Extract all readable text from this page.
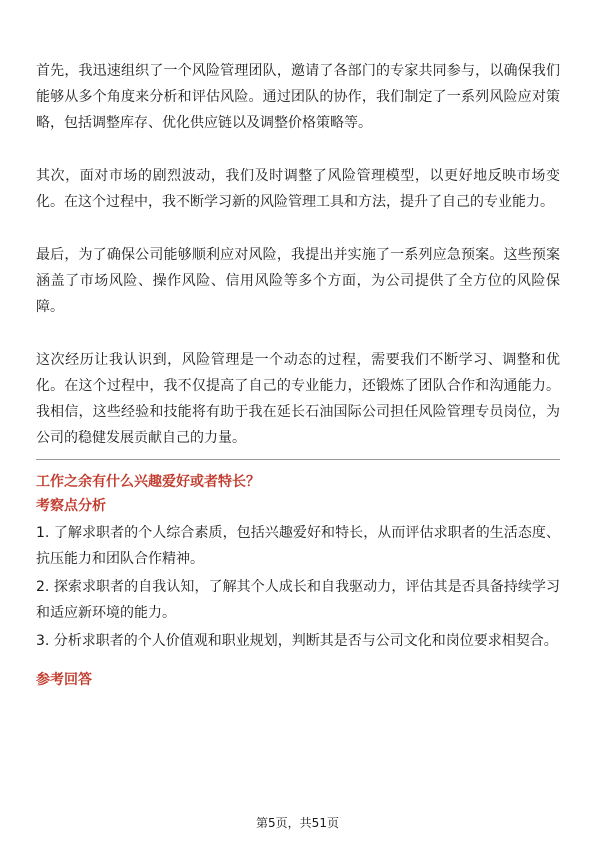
首先，我迅速组织了一个风险管理团队，邀请了各部门的专家共同参与，以确保我们能够从多个角度来分析和评估风险。通过团队的协作，我们制定了一系列风险应对策略，包括调整库存、优化供应链以及调整价格策略等。

其次，面对市场的剧烈波动，我们及时调整了风险管理模型，以更好地反映市场变化。在这个过程中，我不断学习新的风险管理工具和方法，提升了自己的专业能力。

最后，为了确保公司能够顺利应对风险，我提出并实施了一系列应急预案。这些预案涵盖了市场风险、操作风险、信用风险等多个方面，为公司提供了全方位的风险保障。

这次经历让我认识到，风险管理是一个动态的过程，需要我们不断学习、调整和优化。在这个过程中，我不仅提高了自己的专业能力，还锻炼了团队合作和沟通能力。我相信，这些经验和技能将有助于我在延长石油国际公司担任风险管理专员岗位，为公司的稳健发展贡献自己的力量。

工作之余有什么兴趣爱好或者特长？

考察点分析

1. 了解求职者的个人综合素质，包括兴趣爱好和特长，从而评估求职者的生活态度、抗压能力和团队合作精神。
2. 探索求职者的自我认知，了解其个人成长和自我驱动力，评估其是否具备持续学习和适应新环境的能力。
3. 分析求职者的个人价值观和职业规划，判断其是否与公司文化和岗位要求相契合。

参考回答

第5页，共51页
